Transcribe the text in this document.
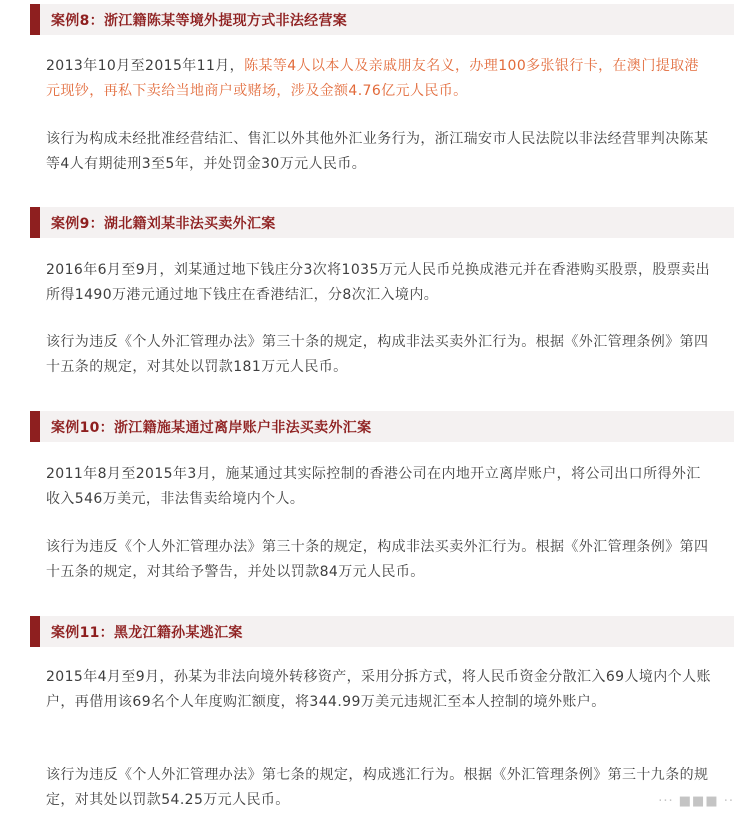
案例8：浙江籍陈某等境外提现方式非法经营案

2013年10月至2015年11月，陈某等4人以本人及亲戚朋友名义，办理100多张银行卡，在澳门提取港元现钞，再私下卖给当地商户或赌场，涉及金额4.76亿元人民币。

该行为构成未经批准经营结汇、售汇以外其他外汇业务行为，浙江瑞安市人民法院以非法经营罪判决陈某等4人有期徒刑3至5年，并处罚金30万元人民币。

案例9：湖北籍刘某非法买卖外汇案

2016年6月至9月，刘某通过地下钱庄分3次将1035万元人民币兑换成港元并在香港购买股票，股票卖出所得1490万港元通过地下钱庄在香港结汇，分8次汇入境内。

该行为违反《个人外汇管理办法》第三十条的规定，构成非法买卖外汇行为。根据《外汇管理条例》第四十五条的规定，对其处以罚款181万元人民币。

案例10：浙江籍施某通过离岸账户非法买卖外汇案

2011年8月至2015年3月，施某通过其实际控制的香港公司在内地开立离岸账户，将公司出口所得外汇收入546万美元，非法售卖给境内个人。

该行为违反《个人外汇管理办法》第三十条的规定，构成非法买卖外汇行为。根据《外汇管理条例》第四十五条的规定，对其给予警告，并处以罚款84万元人民币。

案例11：黑龙江籍孙某逃汇案

2015年4月至9月，孙某为非法向境外转移资产，采用分拆方式，将人民币资金分散汇入69人境内个人账户，再借用该69名个人年度购汇额度，将344.99万美元违规汇至本人控制的境外账户。

该行为违反《个人外汇管理办法》第七条的规定，构成逃汇行为。根据《外汇管理条例》第三十九条的规定，对其处以罚款54.25万元人民币。	··· ■■■ ··
